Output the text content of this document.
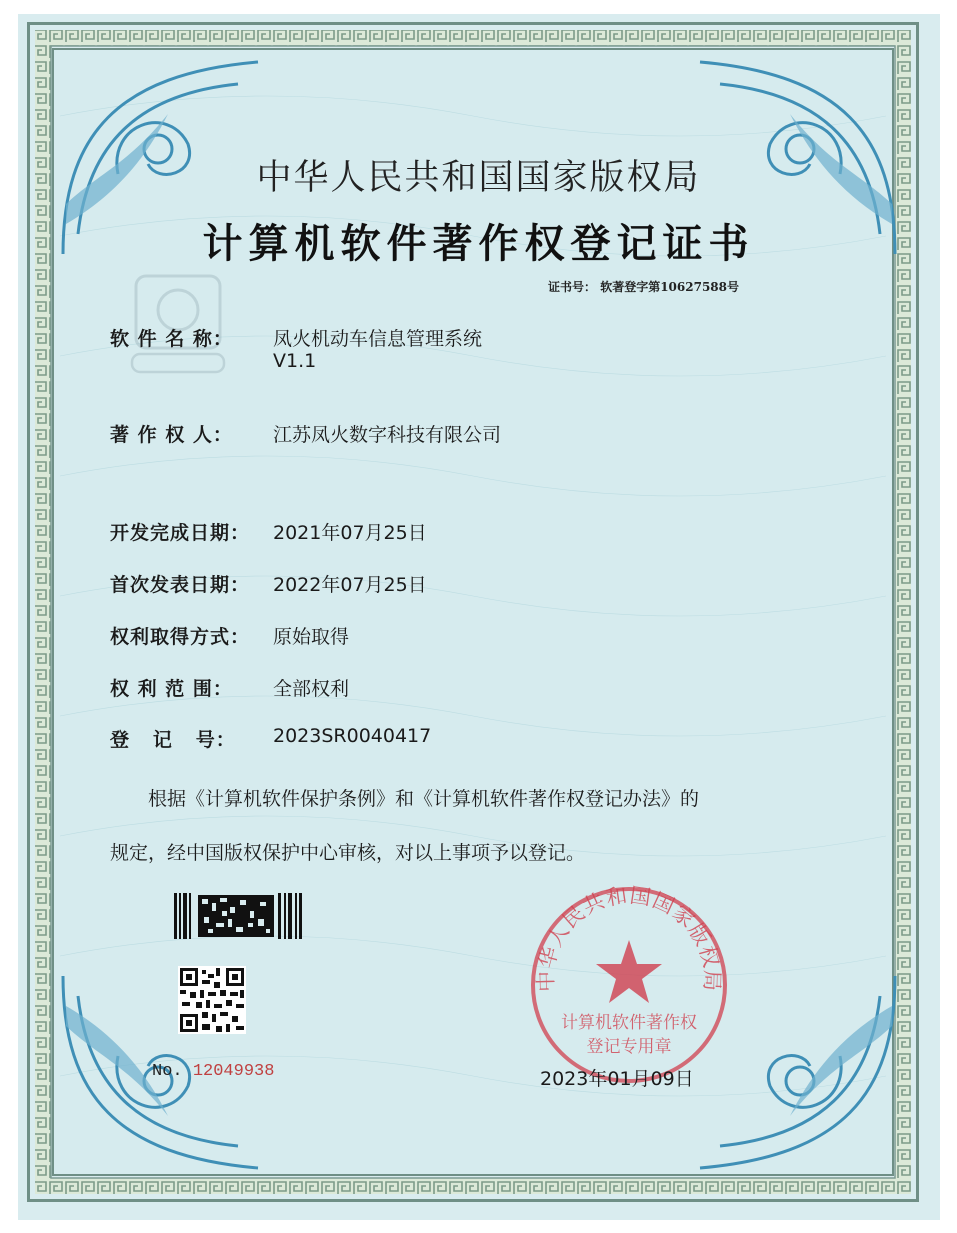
中华人民共和国国家版权局
计算机软件著作权登记证书
证书号： 软著登字第10627588号
软 件 名 称： 凤火机动车信息管理系统
V1.1
著 作 权 人： 江苏凤火数字科技有限公司
开发完成日期： 2021年07月25日
首次发表日期： 2022年07月25日
权利取得方式： 原始取得
权 利 范 围： 全部权利
登   记   号： 2023SR0040417
根据《计算机软件保护条例》和《计算机软件著作权登记办法》的
规定，经中国版权保护中心审核，对以上事项予以登记。
No. 12049938
中华人民共和国国家版权局
计算机软件著作权
登记专用章
2023年01月09日
